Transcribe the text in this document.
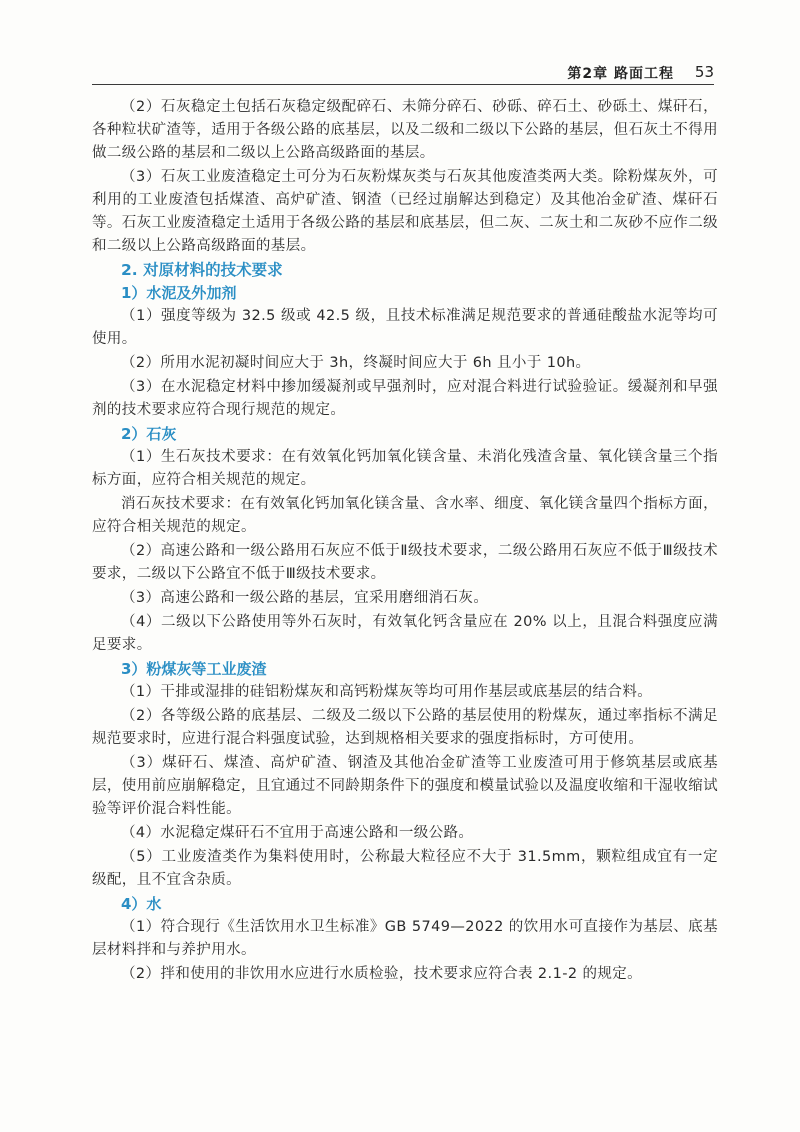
第2章 路面工程 53

（2）石灰稳定土包括石灰稳定级配碎石、未筛分碎石、砂砾、碎石土、砂砾土、煤矸石，各种粒状矿渣等，适用于各级公路的底基层，以及二级和二级以下公路的基层，但石灰土不得用做二级公路的基层和二级以上公路高级路面的基层。

（3）石灰工业废渣稳定土可分为石灰粉煤灰类与石灰其他废渣类两大类。除粉煤灰外，可利用的工业废渣包括煤渣、高炉矿渣、钢渣（已经过崩解达到稳定）及其他冶金矿渣、煤矸石等。石灰工业废渣稳定土适用于各级公路的基层和底基层，但二灰、二灰土和二灰砂不应作二级和二级以上公路高级路面的基层。

2. 对原材料的技术要求
1）水泥及外加剂

（1）强度等级为 32.5 级或 42.5 级，且技术标准满足规范要求的普通硅酸盐水泥等均可使用。

（2）所用水泥初凝时间应大于 3h，终凝时间应大于 6h 且小于 10h。

（3）在水泥稳定材料中掺加缓凝剂或早强剂时，应对混合料进行试验验证。缓凝剂和早强剂的技术要求应符合现行规范的规定。

2）石灰

（1）生石灰技术要求：在有效氧化钙加氧化镁含量、未消化残渣含量、氧化镁含量三个指标方面，应符合相关规范的规定。

消石灰技术要求：在有效氧化钙加氧化镁含量、含水率、细度、氧化镁含量四个指标方面，应符合相关规范的规定。

（2）高速公路和一级公路用石灰应不低于Ⅱ级技术要求，二级公路用石灰应不低于Ⅲ级技术要求，二级以下公路宜不低于Ⅲ级技术要求。

（3）高速公路和一级公路的基层，宜采用磨细消石灰。

（4）二级以下公路使用等外石灰时，有效氧化钙含量应在 20% 以上，且混合料强度应满足要求。

3）粉煤灰等工业废渣

（1）干排或湿排的硅铝粉煤灰和高钙粉煤灰等均可用作基层或底基层的结合料。

（2）各等级公路的底基层、二级及二级以下公路的基层使用的粉煤灰，通过率指标不满足规范要求时，应进行混合料强度试验，达到规格相关要求的强度指标时，方可使用。

（3）煤矸石、煤渣、高炉矿渣、钢渣及其他冶金矿渣等工业废渣可用于修筑基层或底基层，使用前应崩解稳定，且宜通过不同龄期条件下的强度和模量试验以及温度收缩和干湿收缩试验等评价混合料性能。

（4）水泥稳定煤矸石不宜用于高速公路和一级公路。

（5）工业废渣类作为集料使用时，公称最大粒径应不大于 31.5mm，颗粒组成宜有一定级配，且不宜含杂质。

4）水

（1）符合现行《生活饮用水卫生标准》GB 5749—2022 的饮用水可直接作为基层、底基层材料拌和与养护用水。

（2）拌和使用的非饮用水应进行水质检验，技术要求应符合表 2.1-2 的规定。
